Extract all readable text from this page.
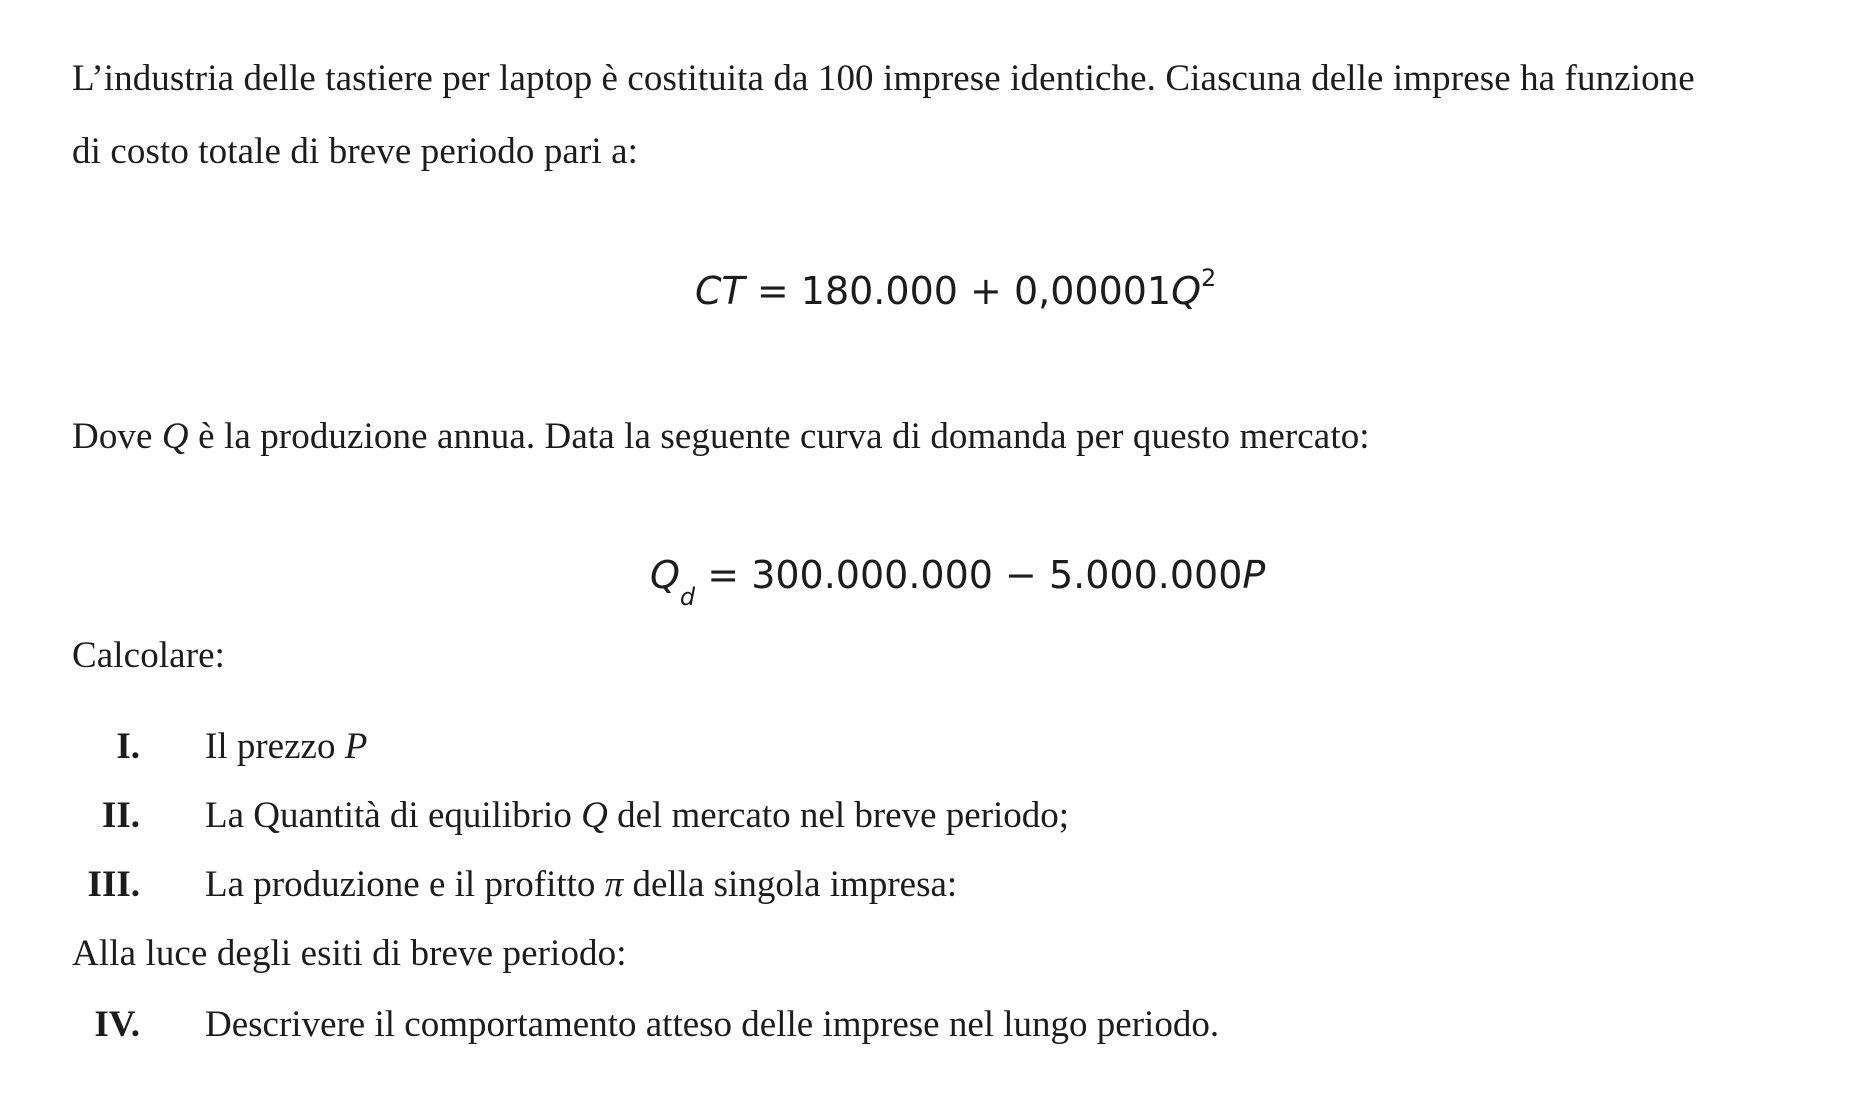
L’industria delle tastiere per laptop è costituita da 100 imprese identiche. Ciascuna delle imprese ha funzione
di costo totale di breve periodo pari a:
CT = $180.000 + 0,00001Q^2$
Dove Q è la produzione annua. Data la seguente curva di domanda per questo mercato:
$Q_d = 300.000.000 - 5.000.000P$
Calcolare:
I. Il prezzo P
II. La Quantità di equilibrio Q del mercato nel breve periodo;
III. La produzione e il profitto π della singola impresa:
Alla luce degli esiti di breve periodo:
IV. Descrivere il comportamento atteso delle imprese nel lungo periodo.
